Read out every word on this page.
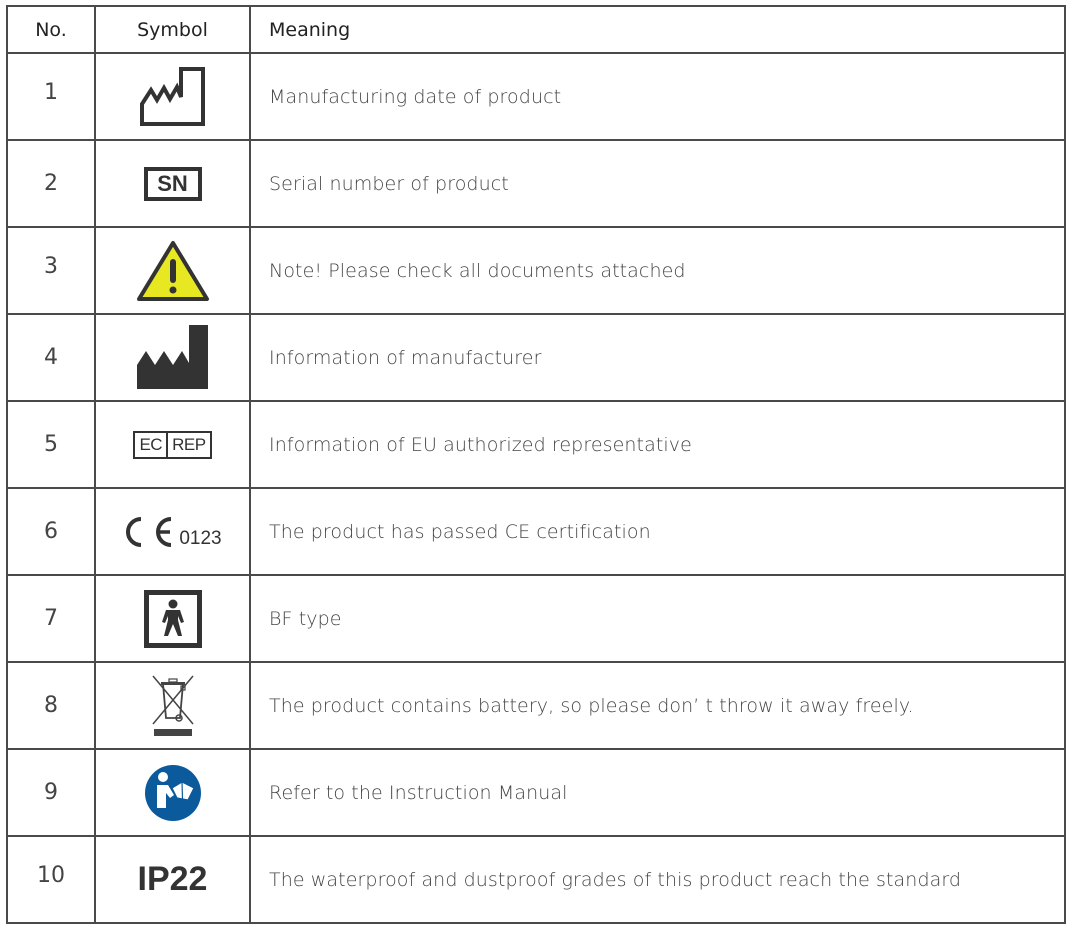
No.	Symbol	Meaning
1		Manufacturing date of product
2	SN	Serial number of product
3		Note! Please check all documents attached
4		Information of manufacturer
5	EC REP	Information of EU authorized representative
6	0123	The product has passed CE certification
7		BF type
8		The product contains battery, so please don’ t throw it away freely.
9		Refer to the Instruction Manual
10	IP22	The waterproof and dustproof grades of this product reach the standard
